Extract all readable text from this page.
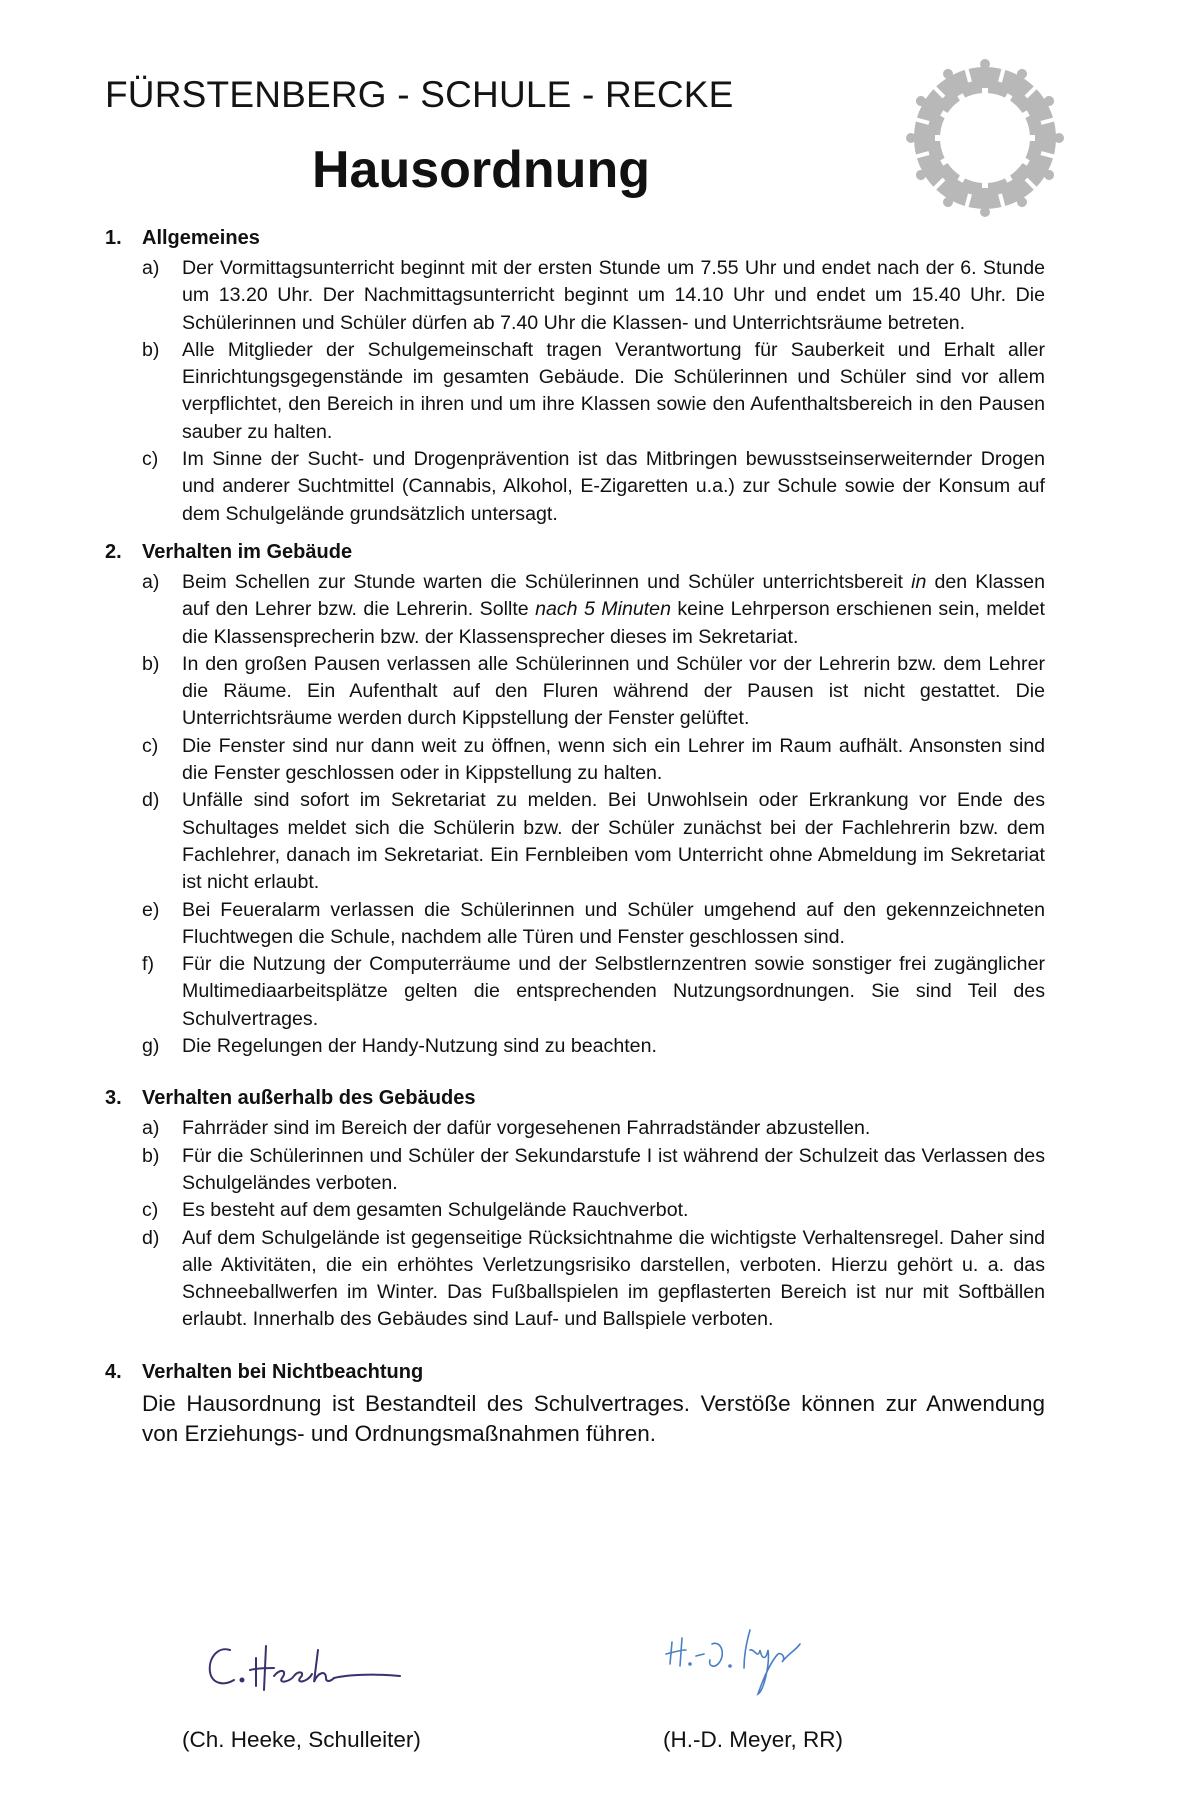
FÜRSTENBERG - SCHULE - RECKE
Hausordnung
1.	Allgemeines
a)	Der Vormittagsunterricht beginnt mit der ersten Stunde um 7.55 Uhr und endet nach der 6. Stunde um 13.20 Uhr. Der Nachmittagsunterricht beginnt um 14.10 Uhr und endet um 15.40 Uhr. Die Schülerinnen und Schüler dürfen ab 7.40 Uhr die Klassen- und Unterrichtsräume betreten.
b)	Alle Mitglieder der Schulgemeinschaft tragen Verantwortung für Sauberkeit und Erhalt aller Einrichtungsgegenstände im gesamten Gebäude. Die Schülerinnen und Schüler sind vor allem verpflichtet, den Bereich in ihren und um ihre Klassen sowie den Aufenthaltsbereich in den Pausen sauber zu halten.
c)	Im Sinne der Sucht- und Drogenprävention ist das Mitbringen bewusstseinserweiternder Drogen und anderer Suchtmittel (Cannabis, Alkohol, E-Zigaretten u.a.) zur Schule sowie der Konsum auf dem Schulgelände grundsätzlich untersagt.
2.	Verhalten im Gebäude
a)	Beim Schellen zur Stunde warten die Schülerinnen und Schüler unterrichtsbereit in den Klassen auf den Lehrer bzw. die Lehrerin. Sollte nach 5 Minuten keine Lehrperson erschienen sein, meldet die Klassensprecherin bzw. der Klassensprecher dieses im Sekretariat.
b)	In den großen Pausen verlassen alle Schülerinnen und Schüler vor der Lehrerin bzw. dem Lehrer die Räume. Ein Aufenthalt auf den Fluren während der Pausen ist nicht gestattet. Die Unterrichtsräume werden durch Kippstellung der Fenster gelüftet.
c)	Die Fenster sind nur dann weit zu öffnen, wenn sich ein Lehrer im Raum aufhält. Ansonsten sind die Fenster geschlossen oder in Kippstellung zu halten.
d)	Unfälle sind sofort im Sekretariat zu melden. Bei Unwohlsein oder Erkrankung vor Ende des Schultages meldet sich die Schülerin bzw. der Schüler zunächst bei der Fachlehrerin bzw. dem Fachlehrer, danach im Sekretariat. Ein Fernbleiben vom Unterricht ohne Abmeldung im Sekretariat ist nicht erlaubt.
e)	Bei Feueralarm verlassen die Schülerinnen und Schüler umgehend auf den gekennzeichneten Fluchtwegen die Schule, nachdem alle Türen und Fenster geschlossen sind.
f)	Für die Nutzung der Computerräume und der Selbstlernzentren sowie sonstiger frei zugänglicher Multimediaarbeitsplätze gelten die entsprechenden Nutzungsordnungen. Sie sind Teil des Schulvertrages.
g)	Die Regelungen der Handy-Nutzung sind zu beachten.
3.	Verhalten außerhalb des Gebäudes
a)	Fahrräder sind im Bereich der dafür vorgesehenen Fahrradständer abzustellen.
b)	Für die Schülerinnen und Schüler der Sekundarstufe I ist während der Schulzeit das Verlassen des Schulgeländes verboten.
c)	Es besteht auf dem gesamten Schulgelände Rauchverbot.
d)	Auf dem Schulgelände ist gegenseitige Rücksichtnahme die wichtigste Verhaltensregel. Daher sind alle Aktivitäten, die ein erhöhtes Verletzungsrisiko darstellen, verboten. Hierzu gehört u. a. das Schneeballwerfen im Winter. Das Fußballspielen im gepflasterten Bereich ist nur mit Softbällen erlaubt. Innerhalb des Gebäudes sind Lauf- und Ballspiele verboten.
4.	Verhalten bei Nichtbeachtung
Die Hausordnung ist Bestandteil des Schulvertrages. Verstöße können zur Anwendung von Erziehungs- und Ordnungsmaßnahmen führen.
(Ch. Heeke, Schulleiter)	(H.-D. Meyer, RR)
